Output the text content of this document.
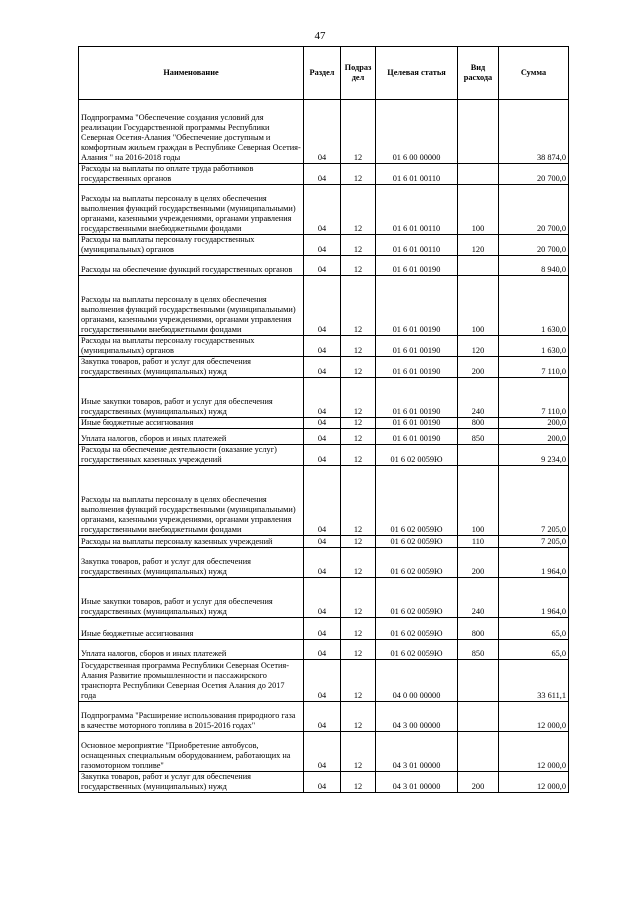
47
Наименование	Раздел	Подраз дел	Целевая статья	Вид расхода	Сумма
Подпрограмма "Обеспечение создания условий для реализации Государственной программы Республики Северная Осетия-Алания "Обеспечение доступным и комфортным жильем граждан в Республике Северная Осетия-Алания " на 2016-2018 годы	04	12	01 6 00 00000		38 874,0
Расходы на выплаты по оплате труда работников государственных органов	04	12	01 6 01 00110		20 700,0
Расходы на выплаты персоналу в целях обеспечения выполнения функций государственными (муниципальными) органами, казенными учреждениями, органами управления государственными внебюджетными фондами	04	12	01 6 01 00110	100	20 700,0
Расходы на выплаты персоналу государственных (муниципальных) органов	04	12	01 6 01 00110	120	20 700,0
Расходы на обеспечение функций государственных органов	04	12	01 6 01 00190		8 940,0
Расходы на выплаты персоналу в целях обеспечения выполнения функций государственными (муниципальными) органами, казенными учреждениями, органами управления государственными внебюджетными фондами	04	12	01 6 01 00190	100	1 630,0
Расходы на выплаты персоналу государственных (муниципальных) органов	04	12	01 6 01 00190	120	1 630,0
Закупка товаров, работ и услуг для обеспечения государственных (муниципальных) нужд	04	12	01 6 01 00190	200	7 110,0
Иные закупки товаров, работ и услуг для обеспечения государственных (муниципальных) нужд	04	12	01 6 01 00190	240	7 110,0
Иные бюджетные ассигнования	04	12	01 6 01 00190	800	200,0
Уплата налогов, сборов и иных платежей	04	12	01 6 01 00190	850	200,0
Расходы на обеспечение деятельности (оказание услуг) государственных казенных учреждений	04	12	01 6 02 0059Ю		9 234,0
Расходы на выплаты персоналу в целях обеспечения выполнения функций государственными (муниципальными) органами, казенными учреждениями, органами управления государственными внебюджетными фондами	04	12	01 6 02 0059Ю	100	7 205,0
Расходы на выплаты персоналу казенных учреждений	04	12	01 6 02 0059Ю	110	7 205,0
Закупка товаров, работ и услуг для обеспечения государственных (муниципальных) нужд	04	12	01 6 02 0059Ю	200	1 964,0
Иные закупки товаров, работ и услуг для обеспечения государственных (муниципальных) нужд	04	12	01 6 02 0059Ю	240	1 964,0
Иные бюджетные ассигнования	04	12	01 6 02 0059Ю	800	65,0
Уплата налогов, сборов и иных платежей	04	12	01 6 02 0059Ю	850	65,0
Государственная программа Республики Северная Осетия-Алания Развитие промышленности и пассажирского транспорта Республики Северная Осетия Алания до 2017 года	04	12	04 0 00 00000		33 611,1
Подпрограмма "Расширение использования природного газа в качестве моторного топлива в 2015-2016 годах"	04	12	04 3 00 00000		12 000,0
Основное мероприятие "Приобретение автобусов, оснащенных специальным оборудованием, работающих на газомоторном топливе"	04	12	04 3 01 00000		12 000,0
Закупка товаров, работ и услуг для обеспечения государственных (муниципальных) нужд	04	12	04 3 01 00000	200	12 000,0
